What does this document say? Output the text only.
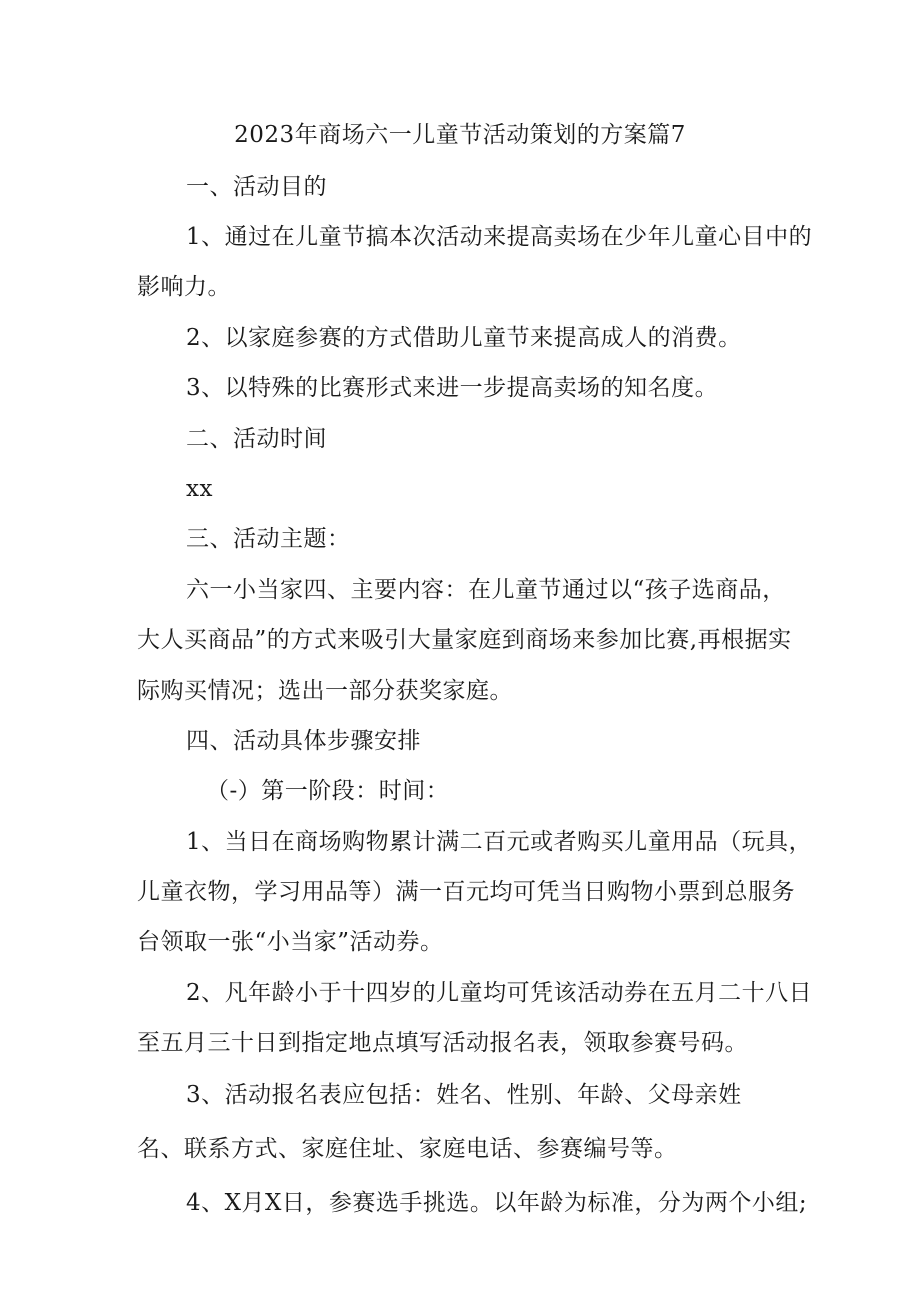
2023年商场六一儿童节活动策划的方案篇7
一、活动目的
1、通过在儿童节搞本次活动来提高卖场在少年儿童心目中的
影响力。
2、以家庭参赛的方式借助儿童节来提高成人的消费。
3、以特殊的比赛形式来进一步提高卖场的知名度。
二、活动时间
xx
三、活动主题：
六一小当家四、主要内容：在儿童节通过以“孩子选商品，
大人买商品”的方式来吸引大量家庭到商场来参加比赛,再根据实
际购买情况；选出一部分获奖家庭。
四、活动具体步骤安排
（-）第一阶段：时间：
1、当日在商场购物累计满二百元或者购买儿童用品（玩具，
儿童衣物，学习用品等）满一百元均可凭当日购物小票到总服务
台领取一张“小当家”活动券。
2、凡年龄小于十四岁的儿童均可凭该活动券在五月二十八日
至五月三十日到指定地点填写活动报名表，领取参赛号码。
3、活动报名表应包括：姓名、性别、年龄、父母亲姓
名、联系方式、家庭住址、家庭电话、参赛编号等。
4、X月X日，参赛选手挑选。以年龄为标准，分为两个小组;
